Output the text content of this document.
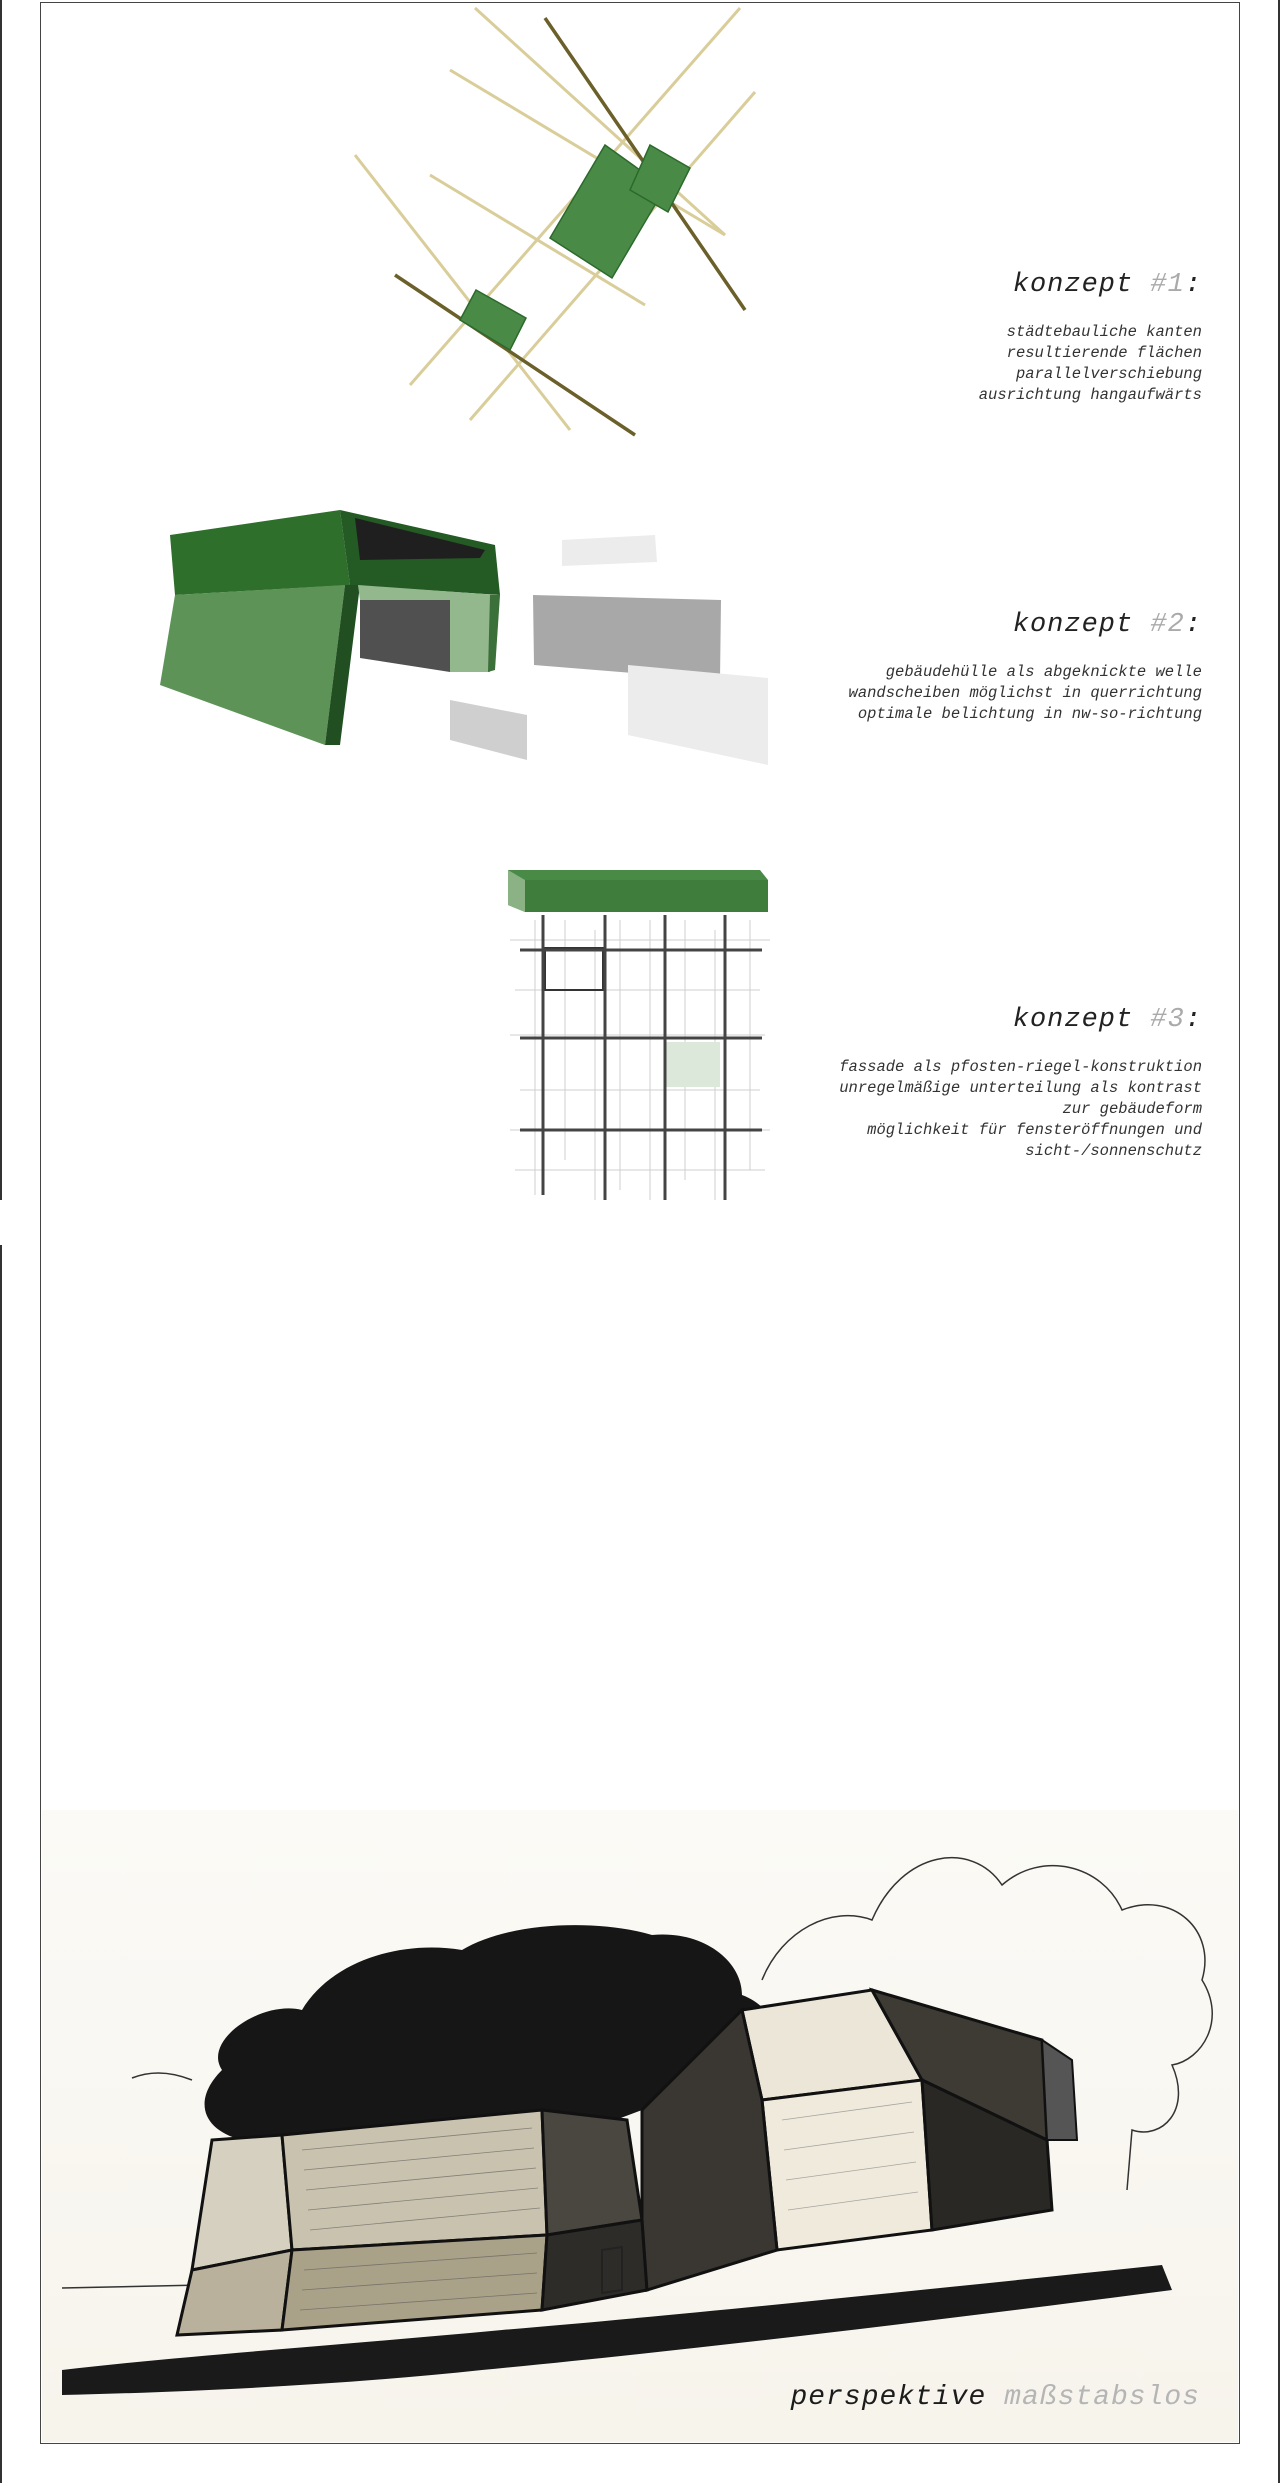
konzept #1:

städtebauliche kanten

resultierende flächen

parallelverschiebung

ausrichtung hangaufwärts

konzept #2:

gebäudehülle als abgeknickte welle

wandscheiben möglichst in querrichtung

optimale belichtung in nw-so-richtung

konzept #3:

fassade als pfosten-riegel-konstruktion

unregelmäßige unterteilung als kontrast

zur gebäudeform

möglichkeit für fensteröffnungen und

sicht-/sonnenschutz

perspektive maßstabslos
